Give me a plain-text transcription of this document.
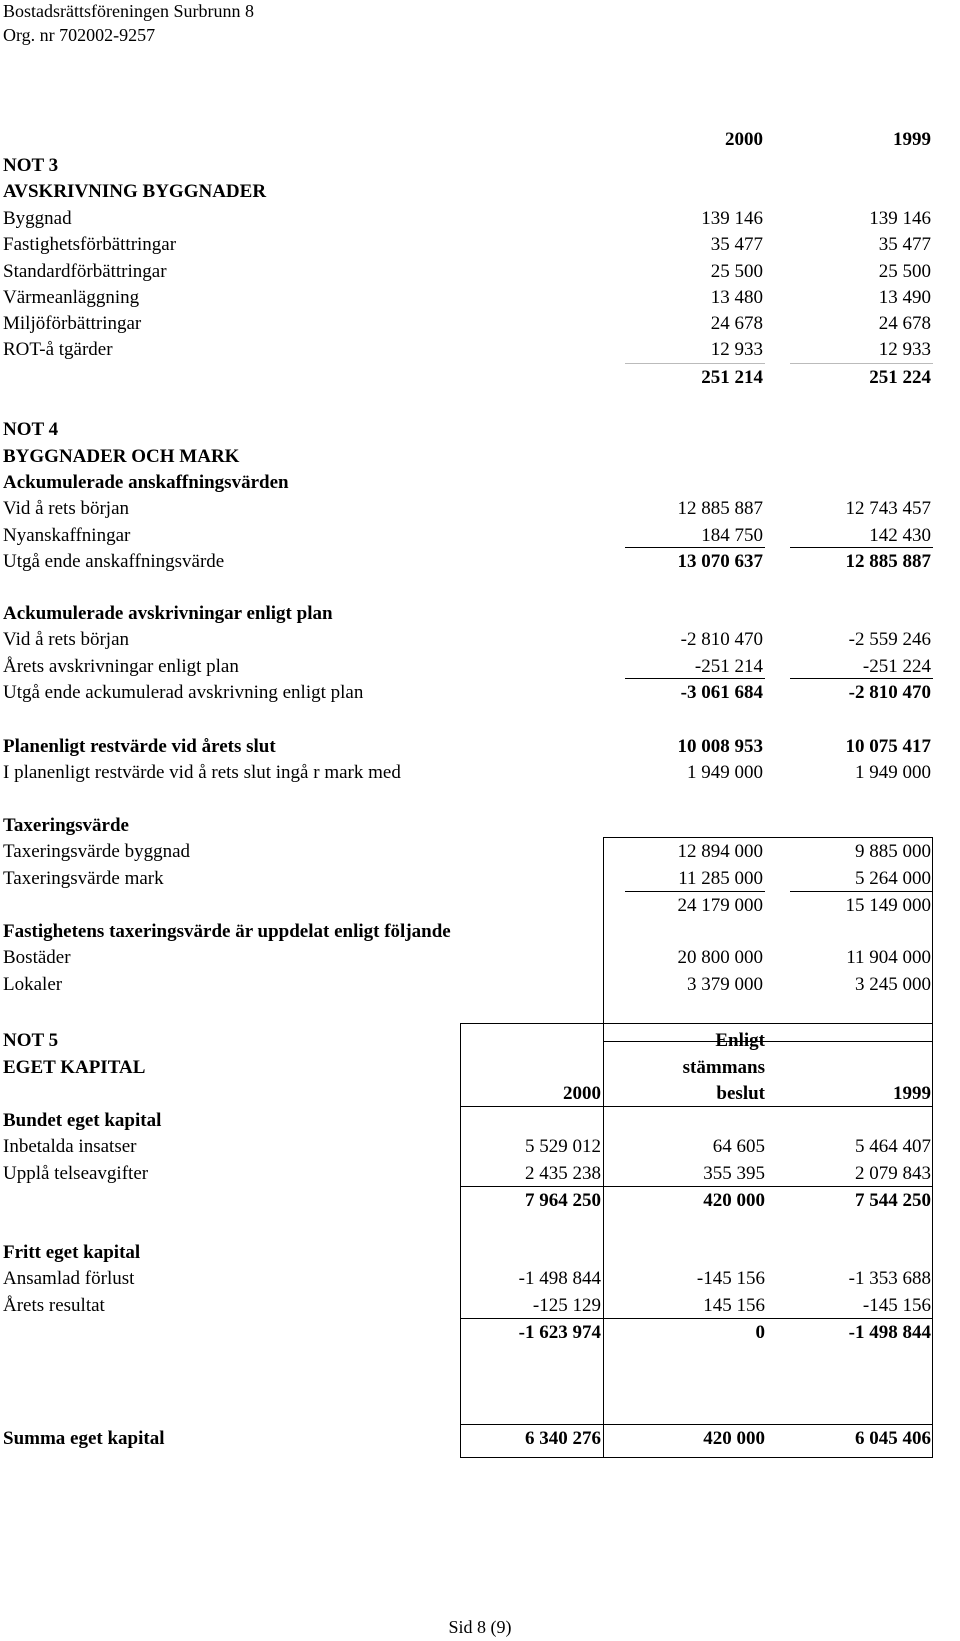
Bostadsrättsföreningen Surbrunn 8
Org. nr 702002-9257
2000	1999
NOT 3
AVSKRIVNING BYGGNADER
Byggnad	139 146	139 146
Fastighetsförbättringar	35 477	35 477
Standardförbättringar	25 500	25 500
Värmeanläggning	13 480	13 490
Miljöförbättringar	24 678	24 678
ROT-å tgärder	12 933	12 933
251 214	251 224
NOT 4
BYGGNADER OCH MARK
Ackumulerade anskaffningsvärden
Vid å rets början	12 885 887	12 743 457
Nyanskaffningar	184 750	142 430
Utgå ende anskaffningsvärde	13 070 637	12 885 887
Ackumulerade avskrivningar enligt plan
Vid å rets början	-2 810 470	-2 559 246
Årets avskrivningar enligt plan	-251 214	-251 224
Utgå ende ackumulerad avskrivning enligt plan	-3 061 684	-2 810 470
Planenligt restvärde vid årets slut	10 008 953	10 075 417
I planenligt restvärde vid å rets slut ingå r mark med	1 949 000	1 949 000
Taxeringsvärde
Taxeringsvärde byggnad	12 894 000	9 885 000
Taxeringsvärde mark	11 285 000	5 264 000
24 179 000	15 149 000
Fastighetens taxeringsvärde är uppdelat enligt följande
Bostäder	20 800 000	11 904 000
Lokaler	3 379 000	3 245 000
NOT 5
EGET KAPITAL
Enligt
stämmans
2000	beslut	1999
Bundet eget kapital
Inbetalda insatser	5 529 012	64 605	5 464 407
Upplå telseavgifter	2 435 238	355 395	2 079 843
7 964 250	420 000	7 544 250
Fritt eget kapital
Ansamlad förlust	-1 498 844	-145 156	-1 353 688
Årets resultat	-125 129	145 156	-145 156
-1 623 974	0	-1 498 844
Summa eget kapital	6 340 276	420 000	6 045 406
Sid 8 (9)
